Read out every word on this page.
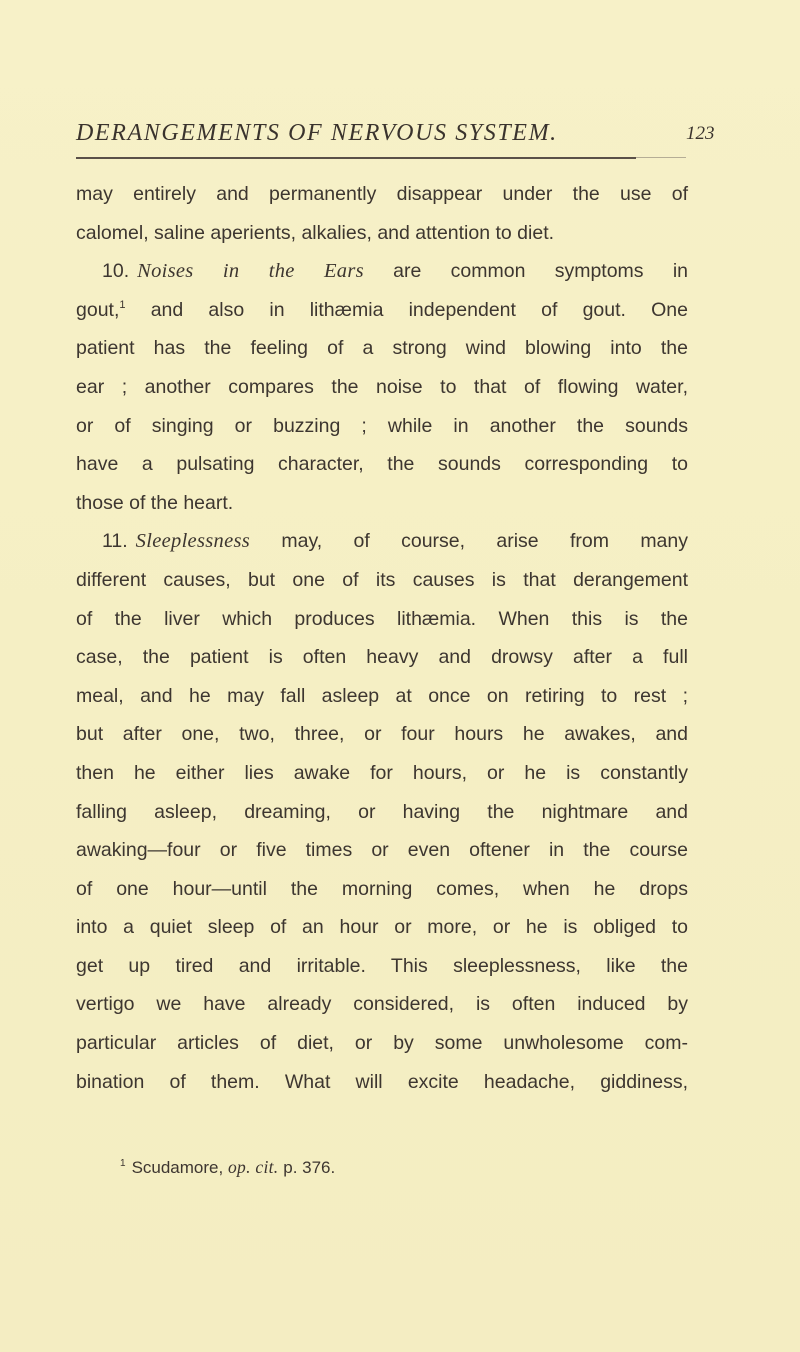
DERANGEMENTS OF NERVOUS SYSTEM.	123
may entirely and permanently disappear under the use of
calomel, saline aperients, alkalies, and attention to diet.
10. Noises in the Ears are common symptoms in
gout,$^1$ and also in lithæmia independent of gout. One
patient has the feeling of a strong wind blowing into the
ear ; another compares the noise to that of flowing water,
or of singing or buzzing ; while in another the sounds
have a pulsating character, the sounds corresponding to
those of the heart.
11. Sleeplessness may, of course, arise from many
different causes, but one of its causes is that derangement
of the liver which produces lithæmia. When this is the
case, the patient is often heavy and drowsy after a full
meal, and he may fall asleep at once on retiring to rest ;
but after one, two, three, or four hours he awakes, and
then he either lies awake for hours, or he is constantly
falling asleep, dreaming, or having the nightmare and
awaking—four or five times or even oftener in the course
of one hour—until the morning comes, when he drops
into a quiet sleep of an hour or more, or he is obliged to
get up tired and irritable. This sleeplessness, like the
vertigo we have already considered, is often induced by
particular articles of diet, or by some unwholesome com-
bination of them. What will excite headache, giddiness,
$^1$ Scudamore, op. cit. p. 376.
